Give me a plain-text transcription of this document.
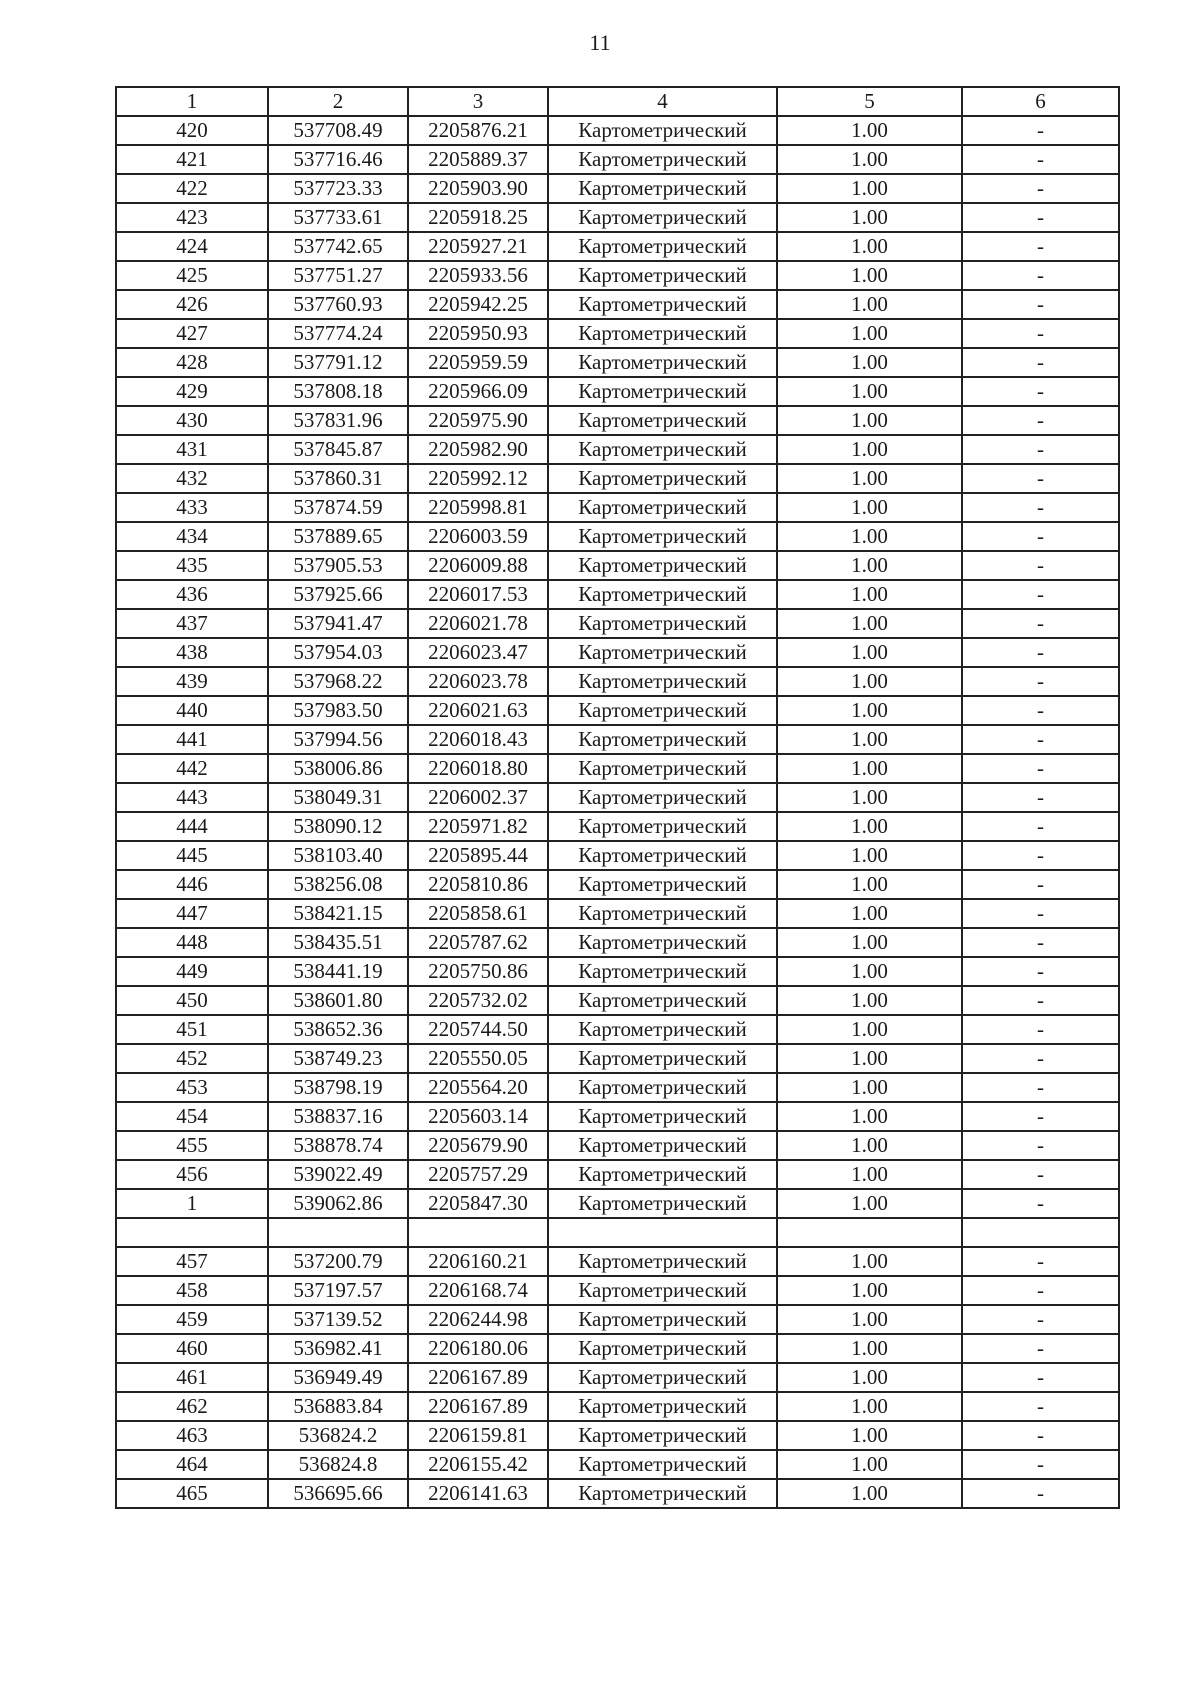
11
1	2	3	4	5	6
420	537708.49	2205876.21	Картометрический	1.00	-
421	537716.46	2205889.37	Картометрический	1.00	-
422	537723.33	2205903.90	Картометрический	1.00	-
423	537733.61	2205918.25	Картометрический	1.00	-
424	537742.65	2205927.21	Картометрический	1.00	-
425	537751.27	2205933.56	Картометрический	1.00	-
426	537760.93	2205942.25	Картометрический	1.00	-
427	537774.24	2205950.93	Картометрический	1.00	-
428	537791.12	2205959.59	Картометрический	1.00	-
429	537808.18	2205966.09	Картометрический	1.00	-
430	537831.96	2205975.90	Картометрический	1.00	-
431	537845.87	2205982.90	Картометрический	1.00	-
432	537860.31	2205992.12	Картометрический	1.00	-
433	537874.59	2205998.81	Картометрический	1.00	-
434	537889.65	2206003.59	Картометрический	1.00	-
435	537905.53	2206009.88	Картометрический	1.00	-
436	537925.66	2206017.53	Картометрический	1.00	-
437	537941.47	2206021.78	Картометрический	1.00	-
438	537954.03	2206023.47	Картометрический	1.00	-
439	537968.22	2206023.78	Картометрический	1.00	-
440	537983.50	2206021.63	Картометрический	1.00	-
441	537994.56	2206018.43	Картометрический	1.00	-
442	538006.86	2206018.80	Картометрический	1.00	-
443	538049.31	2206002.37	Картометрический	1.00	-
444	538090.12	2205971.82	Картометрический	1.00	-
445	538103.40	2205895.44	Картометрический	1.00	-
446	538256.08	2205810.86	Картометрический	1.00	-
447	538421.15	2205858.61	Картометрический	1.00	-
448	538435.51	2205787.62	Картометрический	1.00	-
449	538441.19	2205750.86	Картометрический	1.00	-
450	538601.80	2205732.02	Картометрический	1.00	-
451	538652.36	2205744.50	Картометрический	1.00	-
452	538749.23	2205550.05	Картометрический	1.00	-
453	538798.19	2205564.20	Картометрический	1.00	-
454	538837.16	2205603.14	Картометрический	1.00	-
455	538878.74	2205679.90	Картометрический	1.00	-
456	539022.49	2205757.29	Картометрический	1.00	-
1	539062.86	2205847.30	Картометрический	1.00	-

457	537200.79	2206160.21	Картометрический	1.00	-
458	537197.57	2206168.74	Картометрический	1.00	-
459	537139.52	2206244.98	Картометрический	1.00	-
460	536982.41	2206180.06	Картометрический	1.00	-
461	536949.49	2206167.89	Картометрический	1.00	-
462	536883.84	2206167.89	Картометрический	1.00	-
463	536824.2	2206159.81	Картометрический	1.00	-
464	536824.8	2206155.42	Картометрический	1.00	-
465	536695.66	2206141.63	Картометрический	1.00	-
